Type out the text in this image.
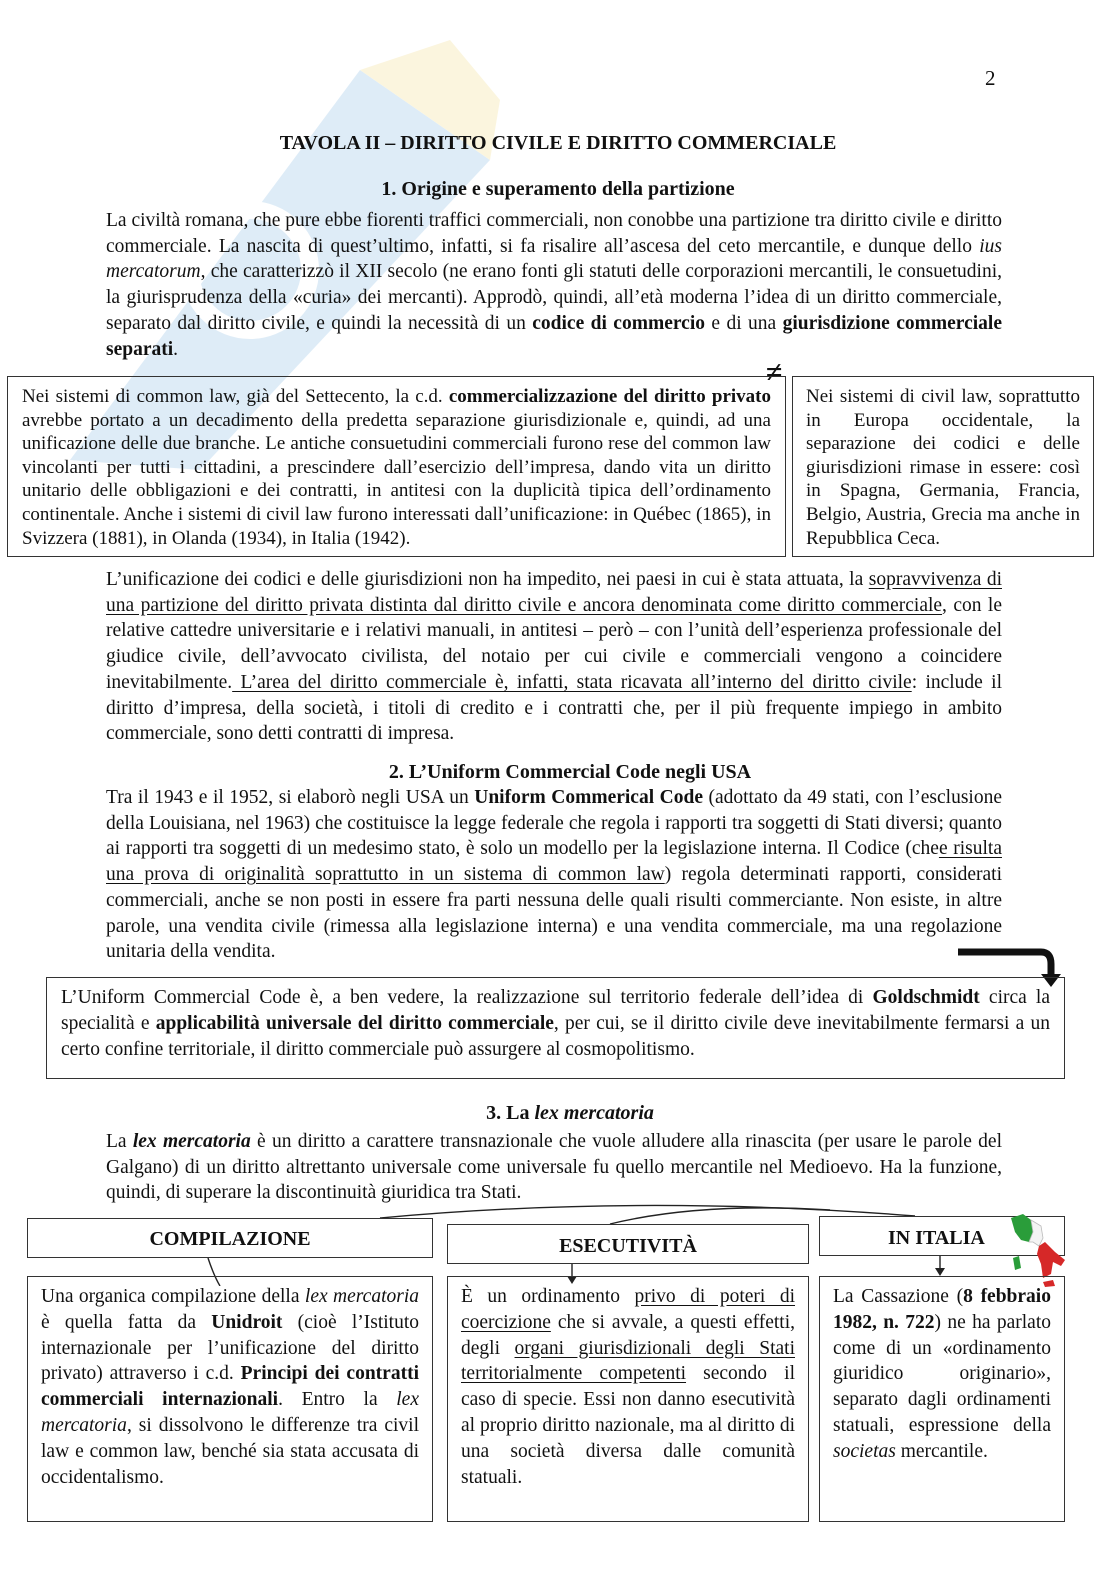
2
TAVOLA II – DIRITTO CIVILE E DIRITTO COMMERCIALE
1. Origine e superamento della partizione

La civiltà romana, che pure ebbe fiorenti traffici commerciali, non conobbe una partizione tra diritto civile e diritto commerciale. La nascita di quest’ultimo, infatti, si fa risalire all’ascesa del ceto mercantile, e dunque dello ius mercatorum, che caratterizzò il XII secolo (ne erano fonti gli statuti delle corporazioni mercantili, le consuetudini, la giurisprudenza della «curia» dei mercanti). Approdò, quindi, all’età moderna l’idea di un diritto commerciale, separato dal diritto civile, e quindi la necessità di un codice di commercio e di una giurisdizione commerciale separati.

≠
Nei sistemi di common law, già del Settecento, la c.d. commercializzazione del diritto privato avrebbe portato a un decadimento della predetta separazione giurisdizionale e, quindi, ad una unificazione delle due branche. Le antiche consuetudini commerciali furono rese del common law vincolanti per tutti i cittadini, a prescindere dall’esercizio dell’impresa, dando vita un diritto unitario delle obbligazioni e dei contratti, in antitesi con la duplicità tipica dell’ordinamento continentale. Anche i sistemi di civil law furono interessati dall’unificazione: in Québec (1865), in Svizzera (1881), in Olanda (1934), in Italia (1942).
Nei sistemi di civil law, soprattutto in Europa occidentale, la separazione dei codici e delle giurisdizioni rimase in essere: così in Spagna, Germania, Francia, Belgio, Austria, Grecia ma anche in Repubblica Ceca.

L’unificazione dei codici e delle giurisdizioni non ha impedito, nei paesi in cui è stata attuata, la sopravvivenza di una partizione del diritto privata distinta dal diritto civile e ancora denominata come diritto commerciale, con le relative cattedre universitarie e i relativi manuali, in antitesi – però – con l’unità dell’esperienza professionale del giudice civile, dell’avvocato civilista, del notaio per cui civile e commerciali vengono a coincidere inevitabilmente. L’area del diritto commerciale è, infatti, stata ricavata all’interno del diritto civile: include il diritto d’impresa, della società, i titoli di credito e i contratti che, per il più frequente impiego in ambito commerciale, sono detti contratti di impresa.

2. L’Uniform Commercial Code negli USA

Tra il 1943 e il 1952, si elaborò negli USA un Uniform Commerical Code (adottato da 49 stati, con l’esclusione della Louisiana, nel 1963) che costituisce la legge federale che regola i rapporti tra soggetti di Stati diversi; quanto ai rapporti tra soggetti di un medesimo stato, è solo un modello per la legislazione interna. Il Codice (chee risulta una prova di originalità soprattutto in un sistema di common law) regola determinati rapporti, considerati commerciali, anche se non posti in essere fra parti nessuna delle quali risulti commerciante. Non esiste, in altre parole, una vendita civile (rimessa alla legislazione interna) e una vendita commerciale, ma una regolazione unitaria della vendita.

L’Uniform Commercial Code è, a ben vedere, la realizzazione sul territorio federale dell’idea di Goldschmidt circa la specialità e applicabilità universale del diritto commerciale, per cui, se il diritto civile deve inevitabilmente fermarsi a un certo confine territoriale, il diritto commerciale può assurgere al cosmopolitismo.
3. La lex mercatoria

La lex mercatoria è un diritto a carattere transnazionale che vuole alludere alla rinascita (per usare le parole del Galgano) di un diritto altrettanto universale come universale fu quello mercantile nel Medioevo. Ha la funzione, quindi, di superare la discontinuità giuridica tra Stati.

COMPILAZIONE	ESECUTIVITÀ	IN ITALIA
Una organica compilazione della lex mercatoria è quella fatta da Unidroit (cioè l’Istituto internazionale per l’unificazione del diritto privato) attraverso i c.d. Principi dei contratti commerciali internazionali. Entro la lex mercatoria, si dissolvono le differenze tra civil law e common law, benché sia stata accusata di occidentalismo.
È un ordinamento privo di poteri di coercizione che si avvale, a questi effetti, degli organi giurisdizionali degli Stati territorialmente competenti secondo il caso di specie. Essi non danno esecutività al proprio diritto nazionale, ma al diritto di una società diversa dalle comunità statuali.
La Cassazione (8 febbraio 1982, n. 722) ne ha parlato come di un «ordinamento giuridico originario», separato dagli ordinamenti statuali, espressione della societas mercantile.
